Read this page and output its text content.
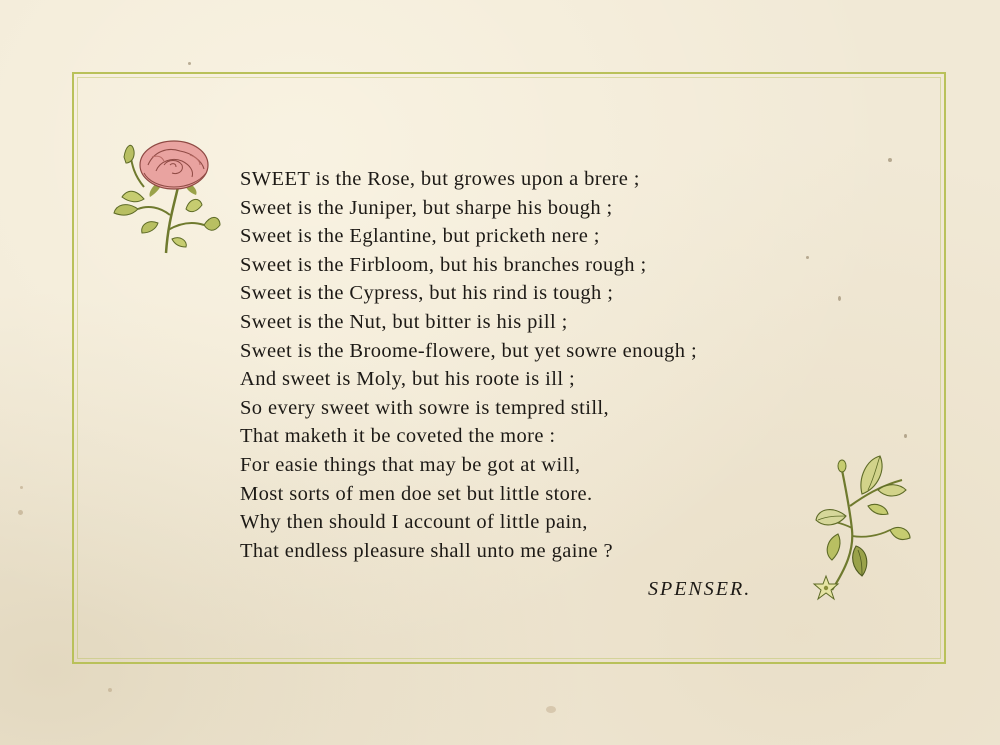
SWEET is the Rose, but growes upon a brere ;
Sweet is the Juniper, but sharpe his bough ;
Sweet is the Eglantine, but pricketh nere ;
Sweet is the Firbloom, but his branches rough ;
Sweet is the Cypress, but his rind is tough ;
Sweet is the Nut, but bitter is his pill ;
Sweet is the Broome-flowere, but yet sowre enough ;
And sweet is Moly, but his roote is ill ;
So every sweet with sowre is tempred still,
That maketh it be coveted the more :
For easie things that may be got at will,
Most sorts of men doe set but little store.
Why then should I account of little pain,
That endless pleasure shall unto me gaine ?
SPENSER.
